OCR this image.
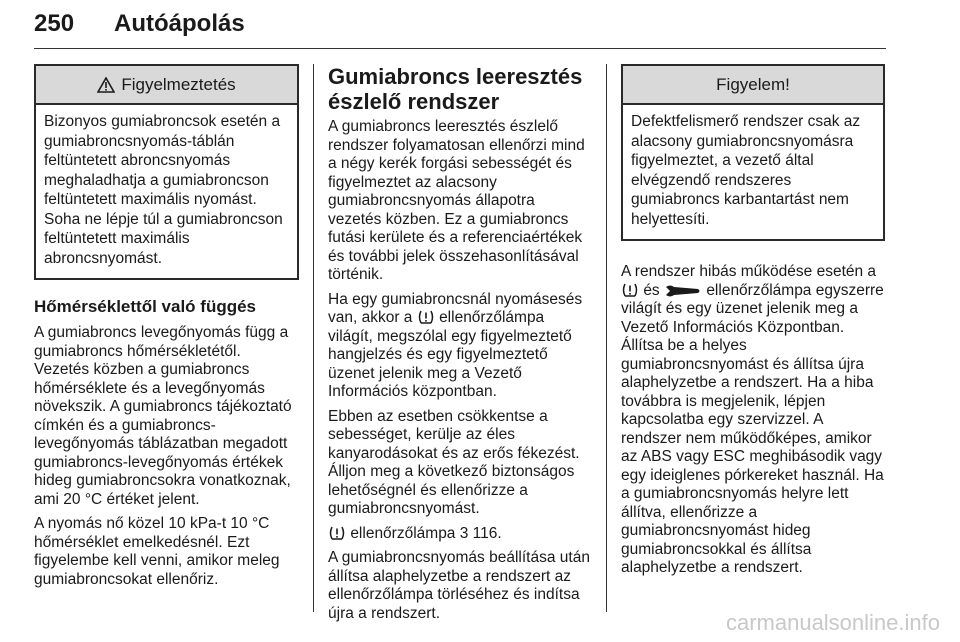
250 Autóápolás
Figyelmeztetés
Bizonyos gumiabroncsok esetén a gumiabroncsnyomás-táblán feltüntetett abroncsnyomás meghaladhatja a gumiabroncson feltüntetett maximális nyomást. Soha ne lépje túl a gumiabroncson feltüntetett maximális abroncsnyomást.
Hőmérséklettől való függés

A gumiabroncs levegőnyomás függ a gumiabroncs hőmérsékletétől. Vezetés közben a gumiabroncs hőmérséklete és a levegőnyomás növekszik. A gumiabroncs tájékoztató címkén és a gumiabroncs-levegőnyomás táblázatban megadott gumiabroncs-levegőnyomás értékek hideg gumiabroncsokra vonatkoznak, ami 20 °C értéket jelent.

A nyomás nő közel 10 kPa-t 10 °C hőmérséklet emelkedésnél. Ezt figyelembe kell venni, amikor meleg gumiabroncsokat ellenőriz.

Gumiabroncs leeresztés észlelő rendszer

A gumiabroncs leeresztés észlelő rendszer folyamatosan ellenőrzi mind a négy kerék forgási sebességét és figyelmeztet az alacsony gumiabroncsnyomás állapotra vezetés közben. Ez a gumiabroncs futási kerülete és a referenciaértékek és további jelek összehasonlításával történik.

Ha egy gumiabroncsnál nyomásesés van, akkor a ellenőrzőlámpa világít, megszólal egy figyelmeztető hangjelzés és egy figyelmeztető üzenet jelenik meg a Vezető Információs központban.

Ebben az esetben csökkentse a sebességet, kerülje az éles kanyarodásokat és az erős fékezést. Álljon meg a következő biztonságos lehetőségnél és ellenőrizze a gumiabroncsnyomást.

ellenőrzőlámpa 3 116.

A gumiabroncsnyomás beállítása után állítsa alaphelyzetbe a rendszert az ellenőrzőlámpa törléséhez és indítsa újra a rendszert.

Figyelem!
Defektfelismerő rendszer csak az alacsony gumiabroncsnyomásra figyelmeztet, a vezető által elvégzendő rendszeres gumiabroncs karbantartást nem helyettesíti.

A rendszer hibás működése esetén a  és	ellenőrzőlámpa egyszerre világít és egy üzenet jelenik meg a Vezető Információs Központban. Állítsa be a helyes gumiabroncsnyomást és állítsa újra alaphelyzetbe a rendszert. Ha a hiba továbbra is megjelenik, lépjen kapcsolatba egy szervizzel. A rendszer nem működőképes, amikor az ABS vagy ESC meghibásodik vagy egy ideiglenes pórkereket használ. Ha a gumiabroncsnyomás helyre lett állítva, ellenőrizze a gumiabroncsnyomást hideg gumiabroncsokkal és állítsa alaphelyzetbe a rendszert.

carmanualsonline.info
